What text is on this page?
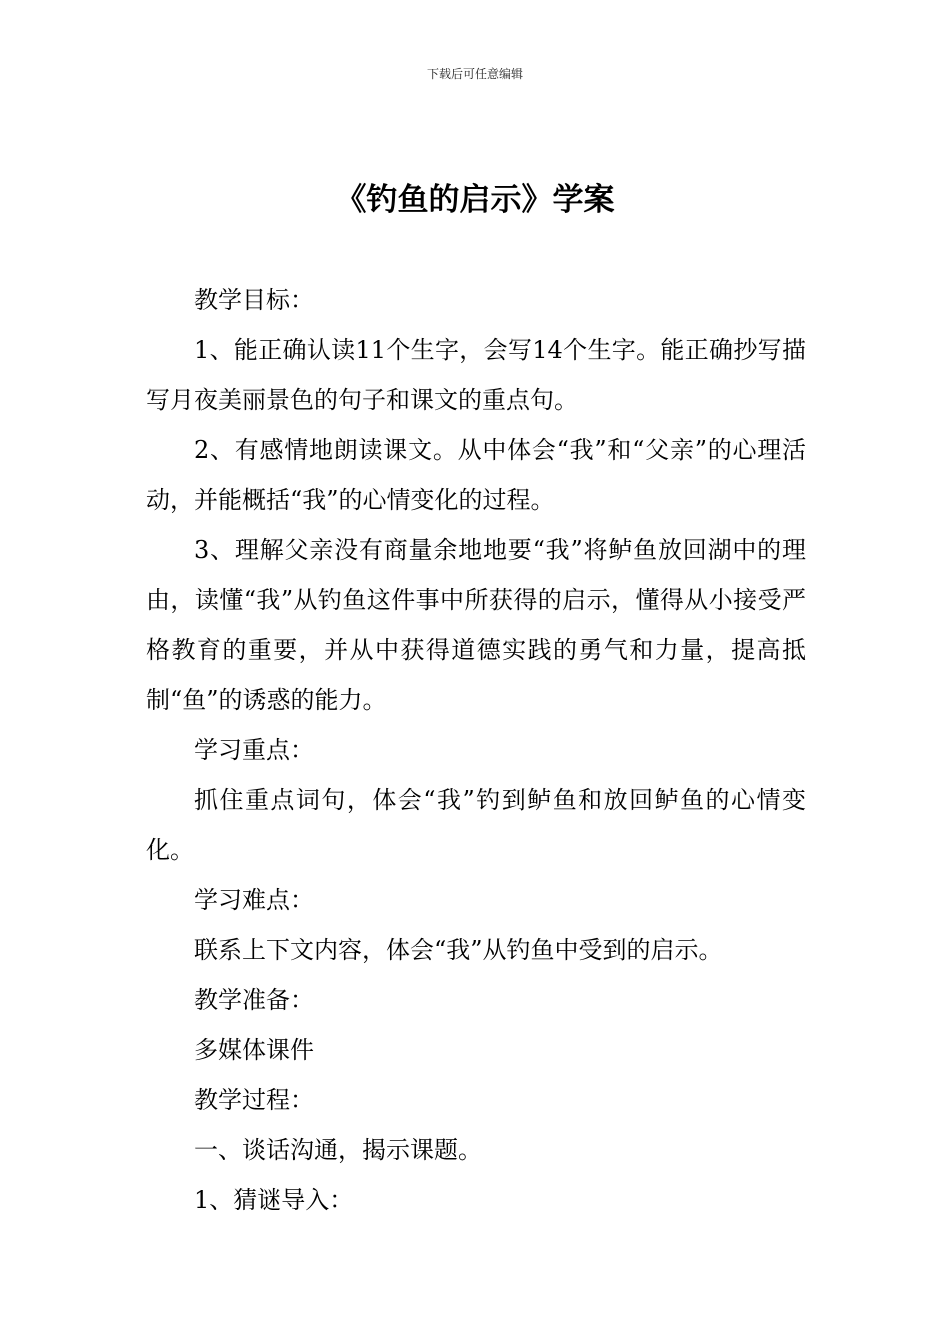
下载后可任意编辑
《钓鱼的启示》学案

教学目标：

1、能正确认读11个生字，会写14个生字。能正确抄写描写月夜美丽景色的句子和课文的重点句。

2、有感情地朗读课文。从中体会“我”和“父亲”的心理活动，并能概括“我”的心情变化的过程。

3、理解父亲没有商量余地地要“我”将鲈鱼放回湖中的理由，读懂“我”从钓鱼这件事中所获得的启示，懂得从小接受严格教育的重要，并从中获得道德实践的勇气和力量，提高抵制“鱼”的诱惑的能力。

学习重点：

抓住重点词句，体会“我”钓到鲈鱼和放回鲈鱼的心情变化。

学习难点：

联系上下文内容，体会“我”从钓鱼中受到的启示。

教学准备：

多媒体课件

教学过程：

一、谈话沟通，揭示课题。

1、猜谜导入：
